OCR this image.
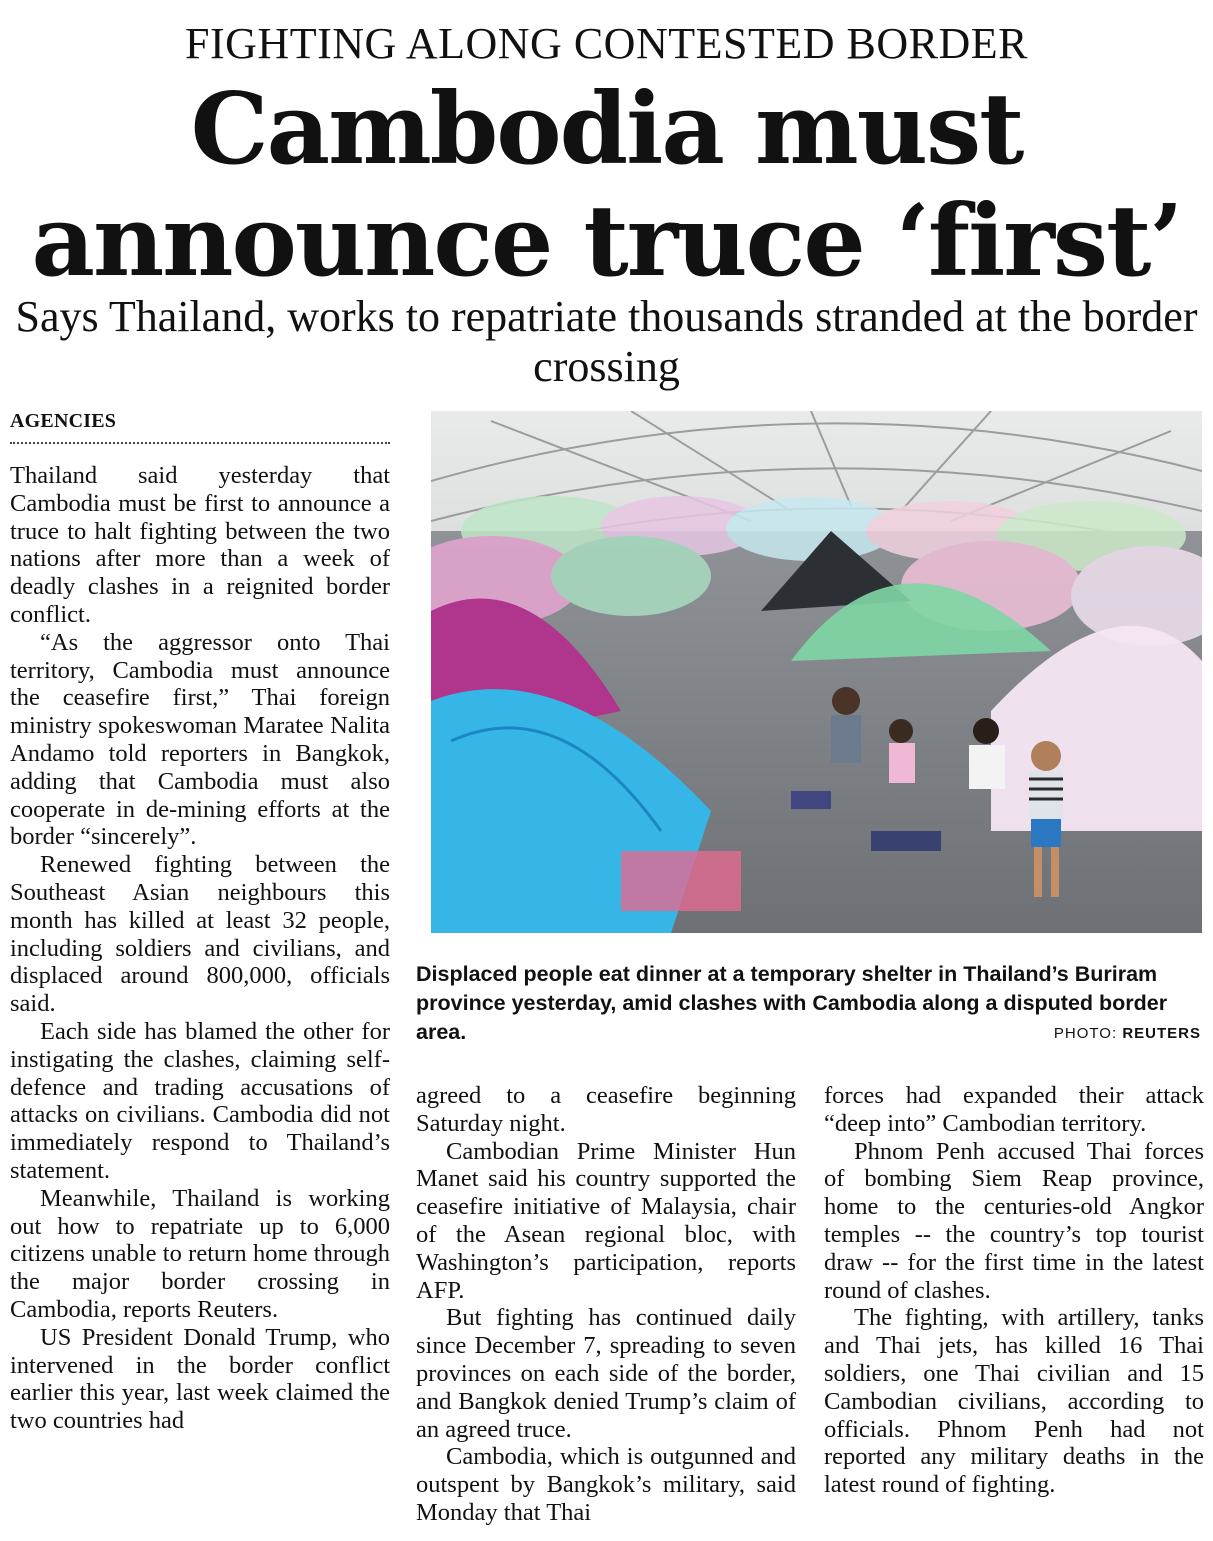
FIGHTING ALONG CONTESTED BORDER
Cambodia must
announce truce ‘first’
Says Thailand, works to repatriate thousands stranded at the border crossing
AGENCIES

Thailand said yesterday that Cambodia must be first to announce a truce to halt fighting between the two nations after more than a week of deadly clashes in a reignited border conflict.

“As the aggressor onto Thai territory, Cambodia must announce the ceasefire first,” Thai foreign ministry spokeswoman Maratee Nalita Andamo told reporters in Bangkok, adding that Cambodia must also cooperate in de-mining efforts at the border “sincerely”.

Renewed fighting between the Southeast Asian neighbours this month has killed at least 32 people, including soldiers and civilians, and displaced around 800,000, officials said.

Each side has blamed the other for instigating the clashes, claiming self-defence and trading accusations of attacks on civilians. Cambodia did not immediately respond to Thailand’s statement.

Meanwhile, Thailand is working out how to repatriate up to 6,000 citizens unable to return home through the major border crossing in Cambodia, reports Reuters.

US President Donald Trump, who intervened in the border conflict earlier this year, last week claimed the two countries had

Displaced people eat dinner at a temporary shelter in Thailand’s Buriram province yesterday, amid clashes with Cambodia along a disputed border area.	PHOTO: REUTERS

agreed to a ceasefire beginning Saturday night.

Cambodian Prime Minister Hun Manet said his country supported the ceasefire initiative of Malaysia, chair of the Asean regional bloc, with Washington’s participation, reports AFP.

But fighting has continued daily since December 7, spreading to seven provinces on each side of the border, and Bangkok denied Trump’s claim of an agreed truce.

Cambodia, which is outgunned and outspent by Bangkok’s military, said Monday that Thai

forces had expanded their attack “deep into” Cambodian territory.

Phnom Penh accused Thai forces of bombing Siem Reap province, home to the centuries-old Angkor temples -- the country’s top tourist draw -- for the first time in the latest round of clashes.

The fighting, with artillery, tanks and Thai jets, has killed 16 Thai soldiers, one Thai civilian and 15 Cambodian civilians, according to officials. Phnom Penh had not reported any military deaths in the latest round of fighting.
